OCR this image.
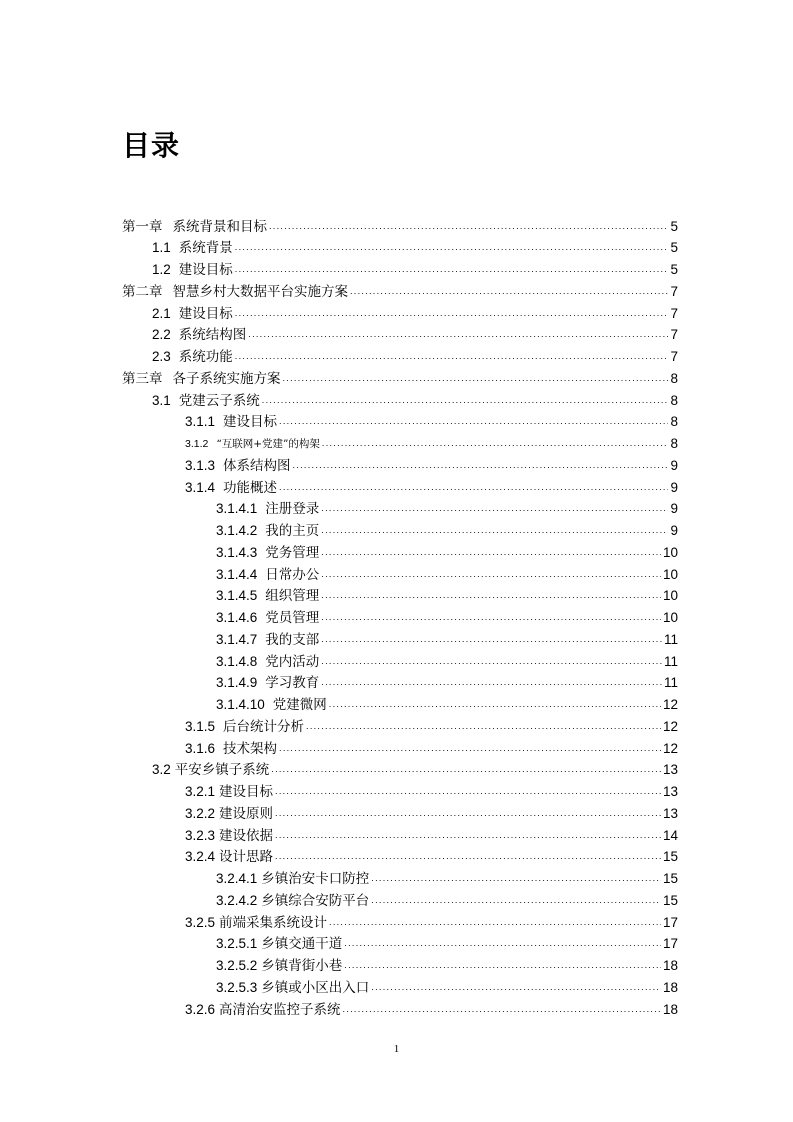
目录
第一章 系统背景和目标 . . .	5
1.1 系统背景 . . .	5
1.2 建设目标 . . .	5
第二章 智慧乡村大数据平台实施方案 . . .	7
2.1 建设目标 . . .	7
2.2 系统结构图 . . .	7
2.3 系统功能 . . .	7
第三章 各子系统实施方案 . . .	8
3.1 党建云子系统 . . .	8
3.1.1 建设目标 . . .	8
3.1.2 “互联网+党建”的构架 . . .	8
3.1.3 体系结构图 . . .	9
3.1.4 功能概述 . . .	9
3.1.4.1 注册登录 . . .	9
3.1.4.2 我的主页 . . .	9
3.1.4.3 党务管理 . . .	10
3.1.4.4 日常办公 . . .	10
3.1.4.5 组织管理 . . .	10
3.1.4.6 党员管理 . . .	10
3.1.4.7 我的支部 . . .	11
3.1.4.8 党内活动 . . .	11
3.1.4.9 学习教育 . . .	11
3.1.4.10 党建微网 . . .	12
3.1.5 后台统计分析 . . .	12
3.1.6 技术架构 . . .	12
3.2 平安乡镇子系统 . . .	13
3.2.1 建设目标 . . .	13
3.2.2 建设原则 . . .	13
3.2.3 建设依据 . . .	14
3.2.4 设计思路 . . .	15
3.2.4.1 乡镇治安卡口防控 . . .	15
3.2.4.2 乡镇综合安防平台 . . .	15
3.2.5 前端采集系统设计 . . .	17
3.2.5.1 乡镇交通干道 . . .	17
3.2.5.2 乡镇背街小巷 . . .	18
3.2.5.3 乡镇或小区出入口 . . .	18
3.2.6 高清治安监控子系统 . . .	18
1
